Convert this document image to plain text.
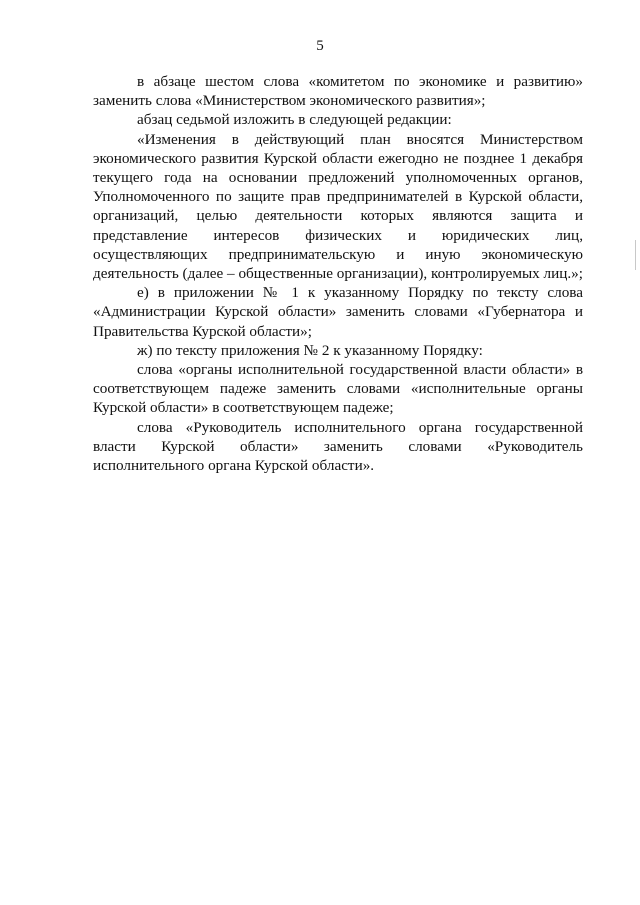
5

в абзаце шестом слова «комитетом по экономике и развитию» заменить слова «Министерством экономического развития»;

абзац седьмой изложить в следующей редакции:

«Изменения в действующий план вносятся Министерством экономического развития Курской области ежегодно не позднее 1 декабря текущего года на основании предложений уполномоченных органов, Уполномоченного по защите прав предпринимателей в Курской области, организаций, целью деятельности которых являются защита и представление интересов физических и юридических лиц, осуществляющих предпринимательскую и иную экономическую деятельность (далее – общественные организации), контролируемых лиц.»;

е) в приложении № 1 к указанному Порядку по тексту слова «Администрации Курской области» заменить словами «Губернатора и Правительства Курской области»;

ж) по тексту приложения № 2 к указанному Порядку:

слова «органы исполнительной государственной власти области» в соответствующем падеже заменить словами «исполнительные органы Курской области» в соответствующем падеже;

слова «Руководитель исполнительного органа государственной власти Курской области» заменить словами «Руководитель исполнительного органа Курской области».
